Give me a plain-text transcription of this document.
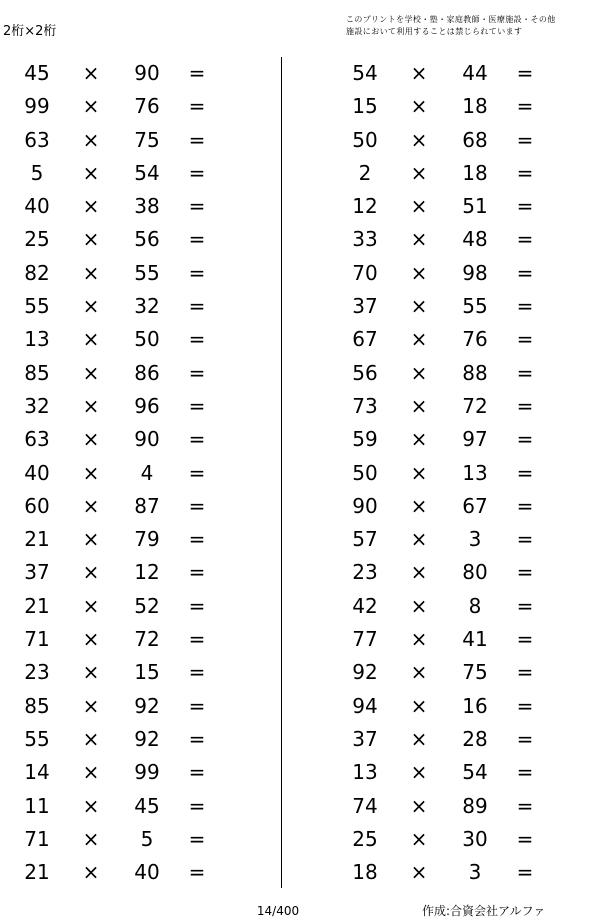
2桁×2桁
このプリントを学校・塾・家庭教師・医療施設・その他
施設において利用することは禁じられています
45	×	90	=
99	×	76	=
63	×	75	=
5	×	54	=
40	×	38	=
25	×	56	=
82	×	55	=
55	×	32	=
13	×	50	=
85	×	86	=
32	×	96	=
63	×	90	=
40	×	4	=
60	×	87	=
21	×	79	=
37	×	12	=
21	×	52	=
71	×	72	=
23	×	15	=
85	×	92	=
55	×	92	=
14	×	99	=
11	×	45	=
71	×	5	=
21	×	40	=
54	×	44	=
15	×	18	=
50	×	68	=
2	×	18	=
12	×	51	=
33	×	48	=
70	×	98	=
37	×	55	=
67	×	76	=
56	×	88	=
73	×	72	=
59	×	97	=
50	×	13	=
90	×	67	=
57	×	3	=
23	×	80	=
42	×	8	=
77	×	41	=
92	×	75	=
94	×	16	=
37	×	28	=
13	×	54	=
74	×	89	=
25	×	30	=
18	×	3	=
14/400	作成:合資会社アルファ
